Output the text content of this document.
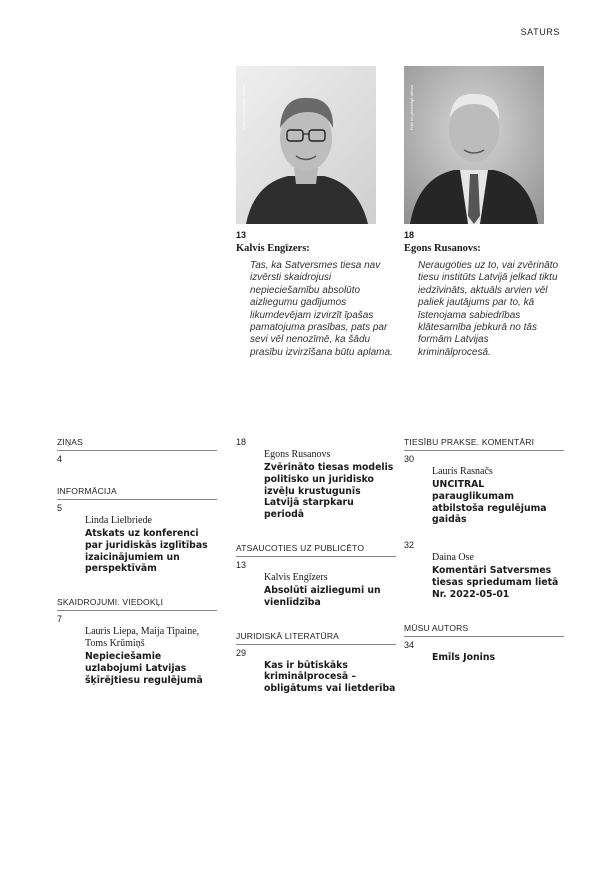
SATURS
Foto no personīgā arhīva	Foto no personīgā arhīva
13
Kalvis Engīzers:

Tas, ka Satversmes tiesa nav izvērsti skaidrojusi nepieciešamību absolūto aizliegumu gadījumos likumdevējam izvirzīt īpašas pamatojuma prasības, pats par sevi vēl nenozīmē, ka šādu prasību izvirzīšana būtu aplama.

18
Egons Rusanovs:

Neraugoties uz to, vai zvērināto tiesu institūts Latvijā jelkad tiktu iedzīvināts, aktuāls arvien vēl paliek jautājums par to, kā īstenojama sabiedrības klātesamība jebkurā no tās formām Latvijas kriminālprocesā.

ZIŅAS
4
INFORMĀCIJA
5
Linda Lielbriede
Atskats uz konferenci par juridiskās izglītības izaicinājumiem un perspektīvām
SKAIDROJUMI. VIEDOKĻI
7
Lauris Liepa, Maija Tipaine, Toms Krūmiņš
Nepieciešamie uzlabojumi Latvijas šķīrējtiesu regulējumā
18
Egons Rusanovs
Zvērināto tiesas modelis politisko un juridisko izvēļu krustugunīs Latvijā starpkaru periodā
ATSAUCOTIES UZ PUBLICĒTO
13
Kalvis Engīzers
Absolūti aizliegumi un vienlīdzība
JURIDISKĀ LITERATŪRA
29
Kas ir būtiskāks kriminālprocesā – obligātums vai lietderība
TIESĪBU PRAKSE. KOMENTĀRI
30
Lauris Rasnačs
UNCITRAL parauglikumam atbilstoša regulējuma gaidās
32
Daina Ose
Komentāri Satversmes tiesas spriedumam lietā Nr. 2022-05-01
MŪSU AUTORS
34
Emīls Jonins
